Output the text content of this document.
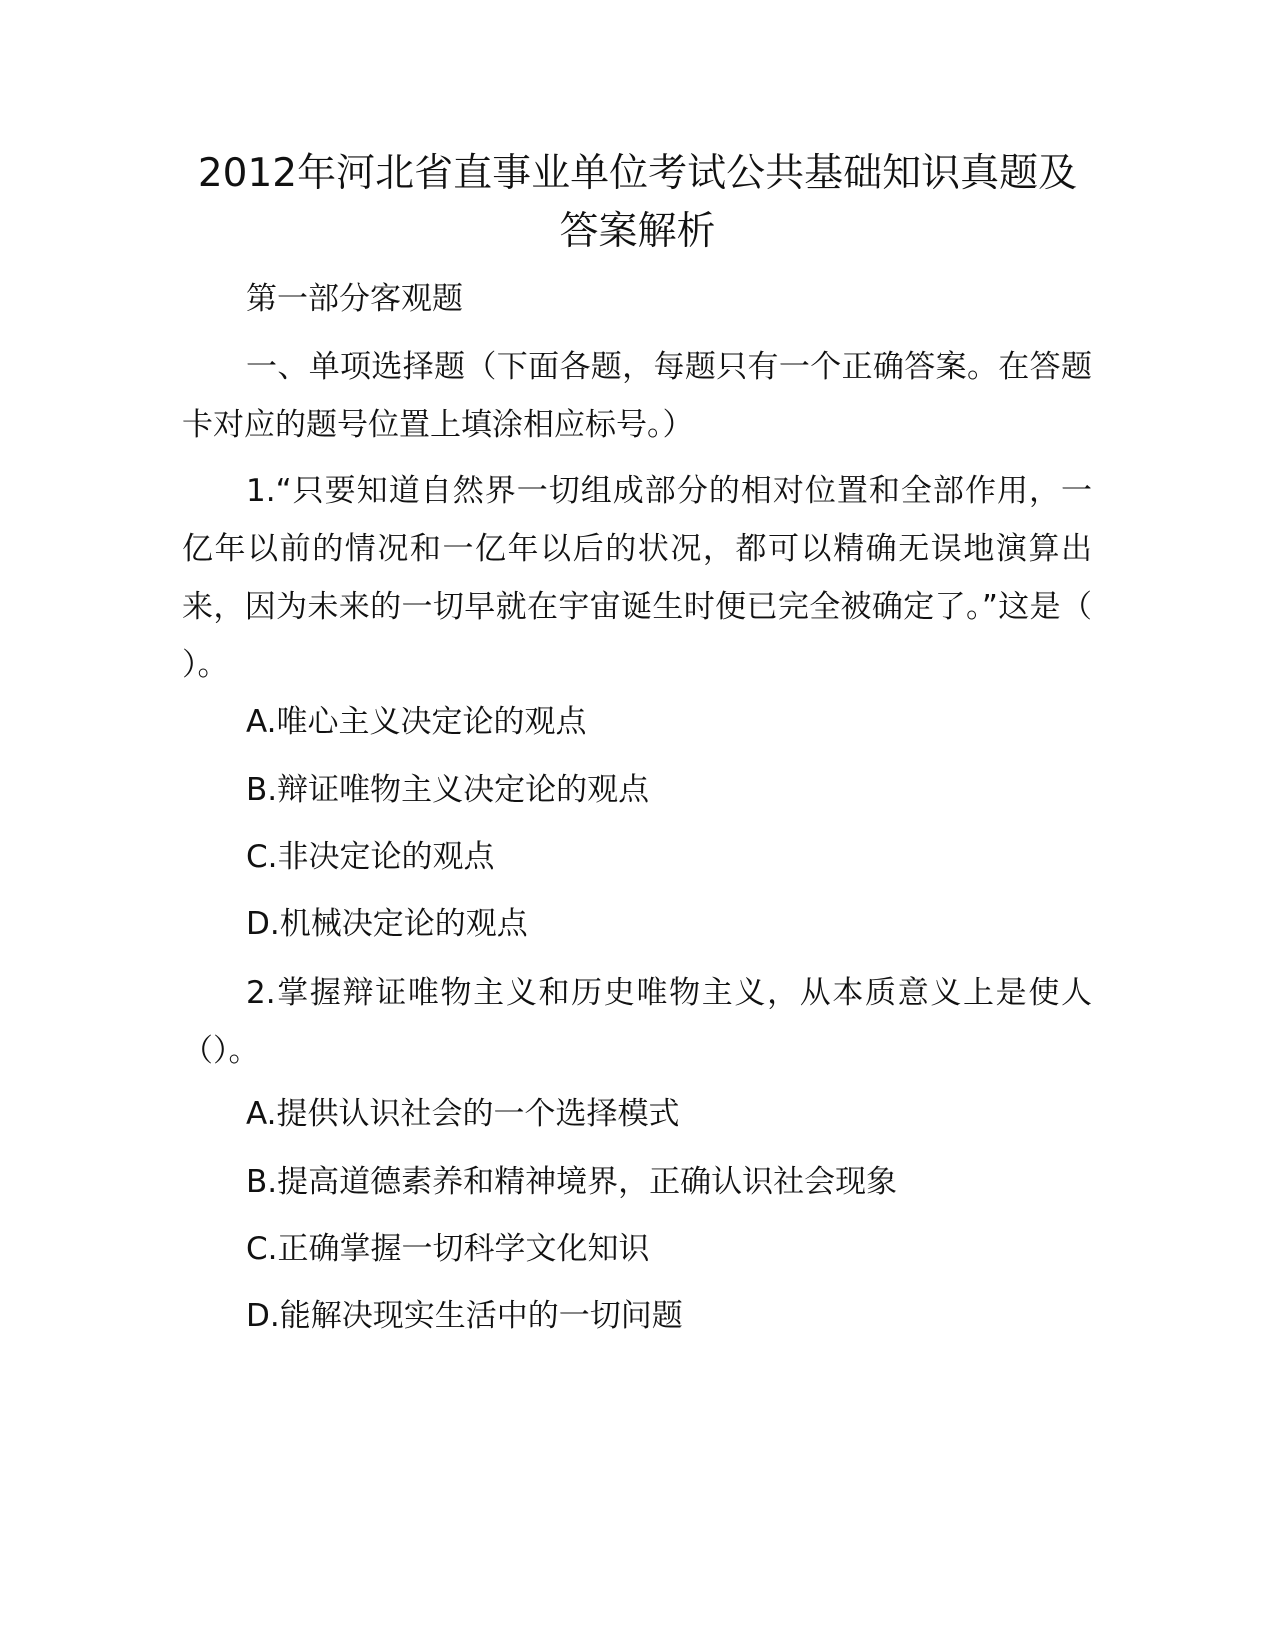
2012年河北省直事业单位考试公共基础知识真题及答案解析

第一部分客观题

一、单项选择题（下面各题，每题只有一个正确答案。在答题卡对应的题号位置上填涂相应标号。）

1.“只要知道自然界一切组成部分的相对位置和全部作用，一亿年以前的情况和一亿年以后的状况，都可以精确无误地演算出来，因为未来的一切早就在宇宙诞生时便已完全被确定了。”这是（ ）。

A.唯心主义决定论的观点

B.辩证唯物主义决定论的观点

C.非决定论的观点

D.机械决定论的观点

2.掌握辩证唯物主义和历史唯物主义，从本质意义上是使人（）。

A.提供认识社会的一个选择模式

B.提高道德素养和精神境界，正确认识社会现象

C.正确掌握一切科学文化知识

D.能解决现实生活中的一切问题
